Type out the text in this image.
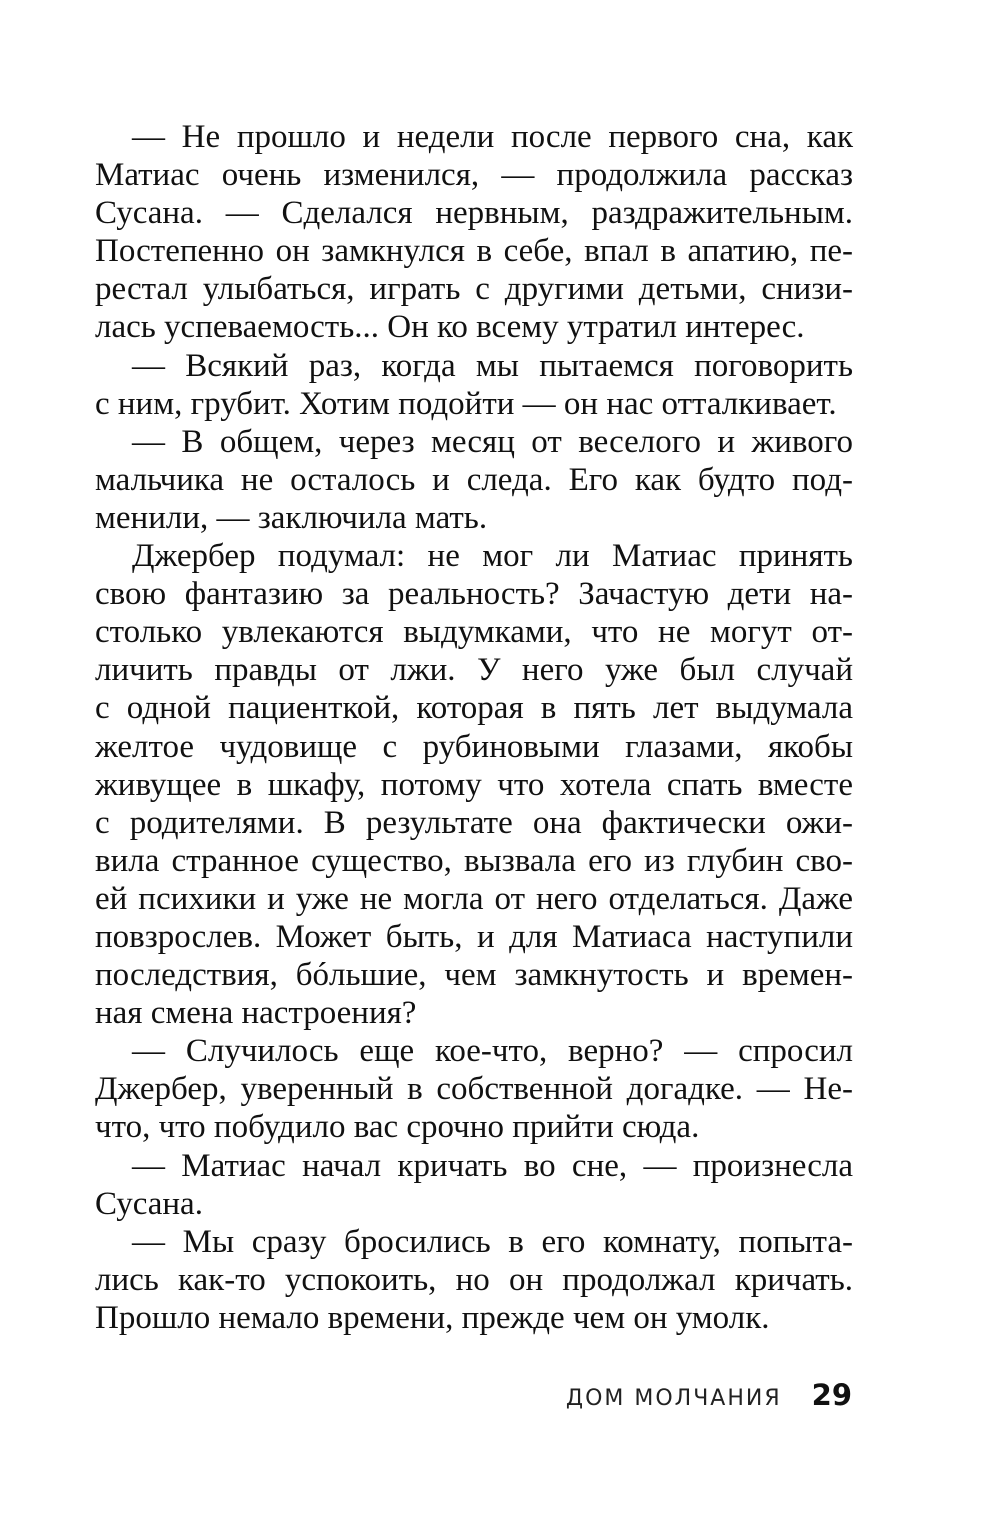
— Не прошло и недели после первого сна, как
Матиас очень изменился, — продолжила рассказ
Сусана. — Сделался нервным, раздражительным.
Постепенно он замкнулся в себе, впал в апатию, пе-
рестал улыбаться, играть с другими детьми, снизи-
лась успеваемость... Он ко всему утратил интерес.
— Всякий раз, когда мы пытаемся поговорить
с ним, грубит. Хотим подойти — он нас отталкивает.
— В общем, через месяц от веселого и живого
мальчика не осталось и следа. Его как будто под-
менили, — заключила мать.
Джербер подумал: не мог ли Матиас принять
свою фантазию за реальность? Зачастую дети на-
столько увлекаются выдумками, что не могут от-
личить правды от лжи. У него уже был случай
с одной пациенткой, которая в пять лет выдумала
желтое чудовище с рубиновыми глазами, якобы
живущее в шкафу, потому что хотела спать вместе
с родителями. В результате она фактически ожи-
вила странное существо, вызвала его из глубин сво-
ей психики и уже не могла от него отделаться. Даже
повзрослев. Может быть, и для Матиаса наступили
последствия, бóльшие, чем замкнутость и времен-
ная смена настроения?
— Случилось еще кое-что, верно? — спросил
Джербер, уверенный в собственной догадке. — Не-
что, что побудило вас срочно прийти сюда.
— Матиас начал кричать во сне, — произнесла
Сусана.
— Мы сразу бросились в его комнату, попыта-
лись как-то успокоить, но он продолжал кричать.
Прошло немало времени, прежде чем он умолк.
ДОМ МОЛЧАНИЯ 29
